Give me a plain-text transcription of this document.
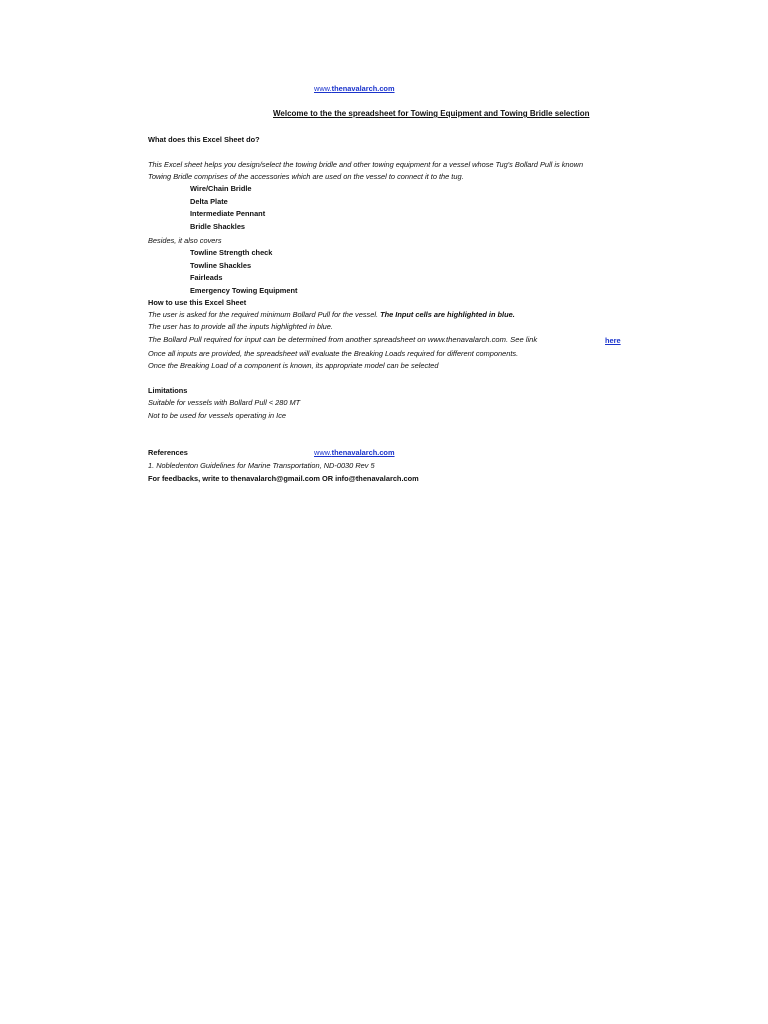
www.thenavalarch.com
Welcome to the the spreadsheet for Towing Equipment and Towing Bridle selection
What does this Excel Sheet do?
This Excel sheet helps you design/select the towing bridle and other towing equipment for a vessel whose Tug's Bollard Pull is known
Towing Bridle comprises of the accessories which are used on the vessel to connect it to the tug.
Wire/Chain Bridle
Delta Plate
Intermediate Pennant
Bridle Shackles
Besides, it also covers
Towline Strength check
Towline Shackles
Fairleads
Emergency Towing Equipment
How to use this Excel Sheet
The user is asked for the required minimum Bollard Pull for the vessel. The Input cells are highlighted in blue.
The user has to provide all the inputs highlighted in blue.
The Bollard Pull required for input can be determined from another spreadsheet on www.thenavalarch.com. See link	here
Once all inputs are provided, the spreadsheet will evaluate the Breaking Loads required for different components.
Once the Breaking Load of a component is known, its appropriate model can be selected
Limitations
Suitable for vessels with Bollard Pull < 280 MT
Not to be used for vessels operating in Ice
References	www.thenavalarch.com
1. Nobledenton Guidelines for Marine Transportation, ND-0030 Rev 5
For feedbacks, write to thenavalarch@gmail.com OR info@thenavalarch.com
